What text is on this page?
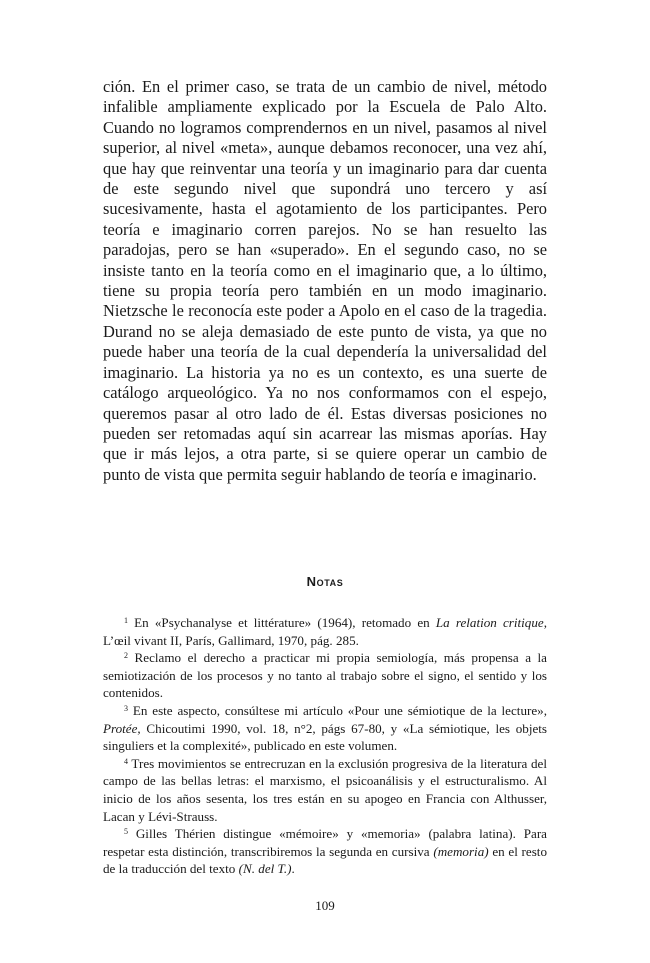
ción. En el primer caso, se trata de un cambio de nivel, método infalible ampliamente explicado por la Escuela de Palo Alto. Cuando no logramos comprendernos en un nivel, pasamos al nivel superior, al nivel «meta», aunque debamos reconocer, una vez ahí, que hay que reinventar una teoría y un imaginario para dar cuenta de este segundo nivel que supondrá uno tercero y así sucesivamente, hasta el agotamiento de los participantes. Pero teoría e imaginario corren parejos. No se han resuelto las paradojas, pero se han «superado». En el segundo caso, no se insiste tanto en la teoría como en el imaginario que, a lo último, tiene su propia teoría pero también en un modo imaginario. Nietzsche le reconocía este poder a Apolo en el caso de la tragedia. Durand no se aleja demasiado de este punto de vista, ya que no puede haber una teoría de la cual dependería la universalidad del imaginario. La historia ya no es un contexto, es una suerte de catálogo arqueológico. Ya no nos conformamos con el espejo, queremos pasar al otro lado de él. Estas diversas posiciones no pueden ser retomadas aquí sin acarrear las mismas aporías. Hay que ir más lejos, a otra parte, si se quiere operar un cambio de punto de vista que permita seguir hablando de teoría e imaginario.

Notas

$^1$ En «Psychanalyse et littérature» (1964), retomado en La relation critique, L’œil vivant II, París, Gallimard, 1970, pág. 285.

$^2$ Reclamo el derecho a practicar mi propia semiología, más propensa a la semiotización de los procesos y no tanto al trabajo sobre el signo, el sentido y los contenidos.

$^3$ En este aspecto, consúltese mi artículo «Pour une sémiotique de la lecture», Protée, Chicoutimi 1990, vol. 18, n°2, págs 67-80, y «La sémiotique, les objets singuliers et la complexité», publicado en este volumen.

$^4$ Tres movimientos se entrecruzan en la exclusión progresiva de la literatura del campo de las bellas letras: el marxismo, el psicoanálisis y el estructuralismo. Al inicio de los años sesenta, los tres están en su apogeo en Francia con Althusser, Lacan y Lévi-Strauss.

$^5$ Gilles Thérien distingue «mémoire» y «memoria» (palabra latina). Para respetar esta distinción, transcribiremos la segunda en cursiva (memoria) en el resto de la traducción del texto (N. del T.).

109
